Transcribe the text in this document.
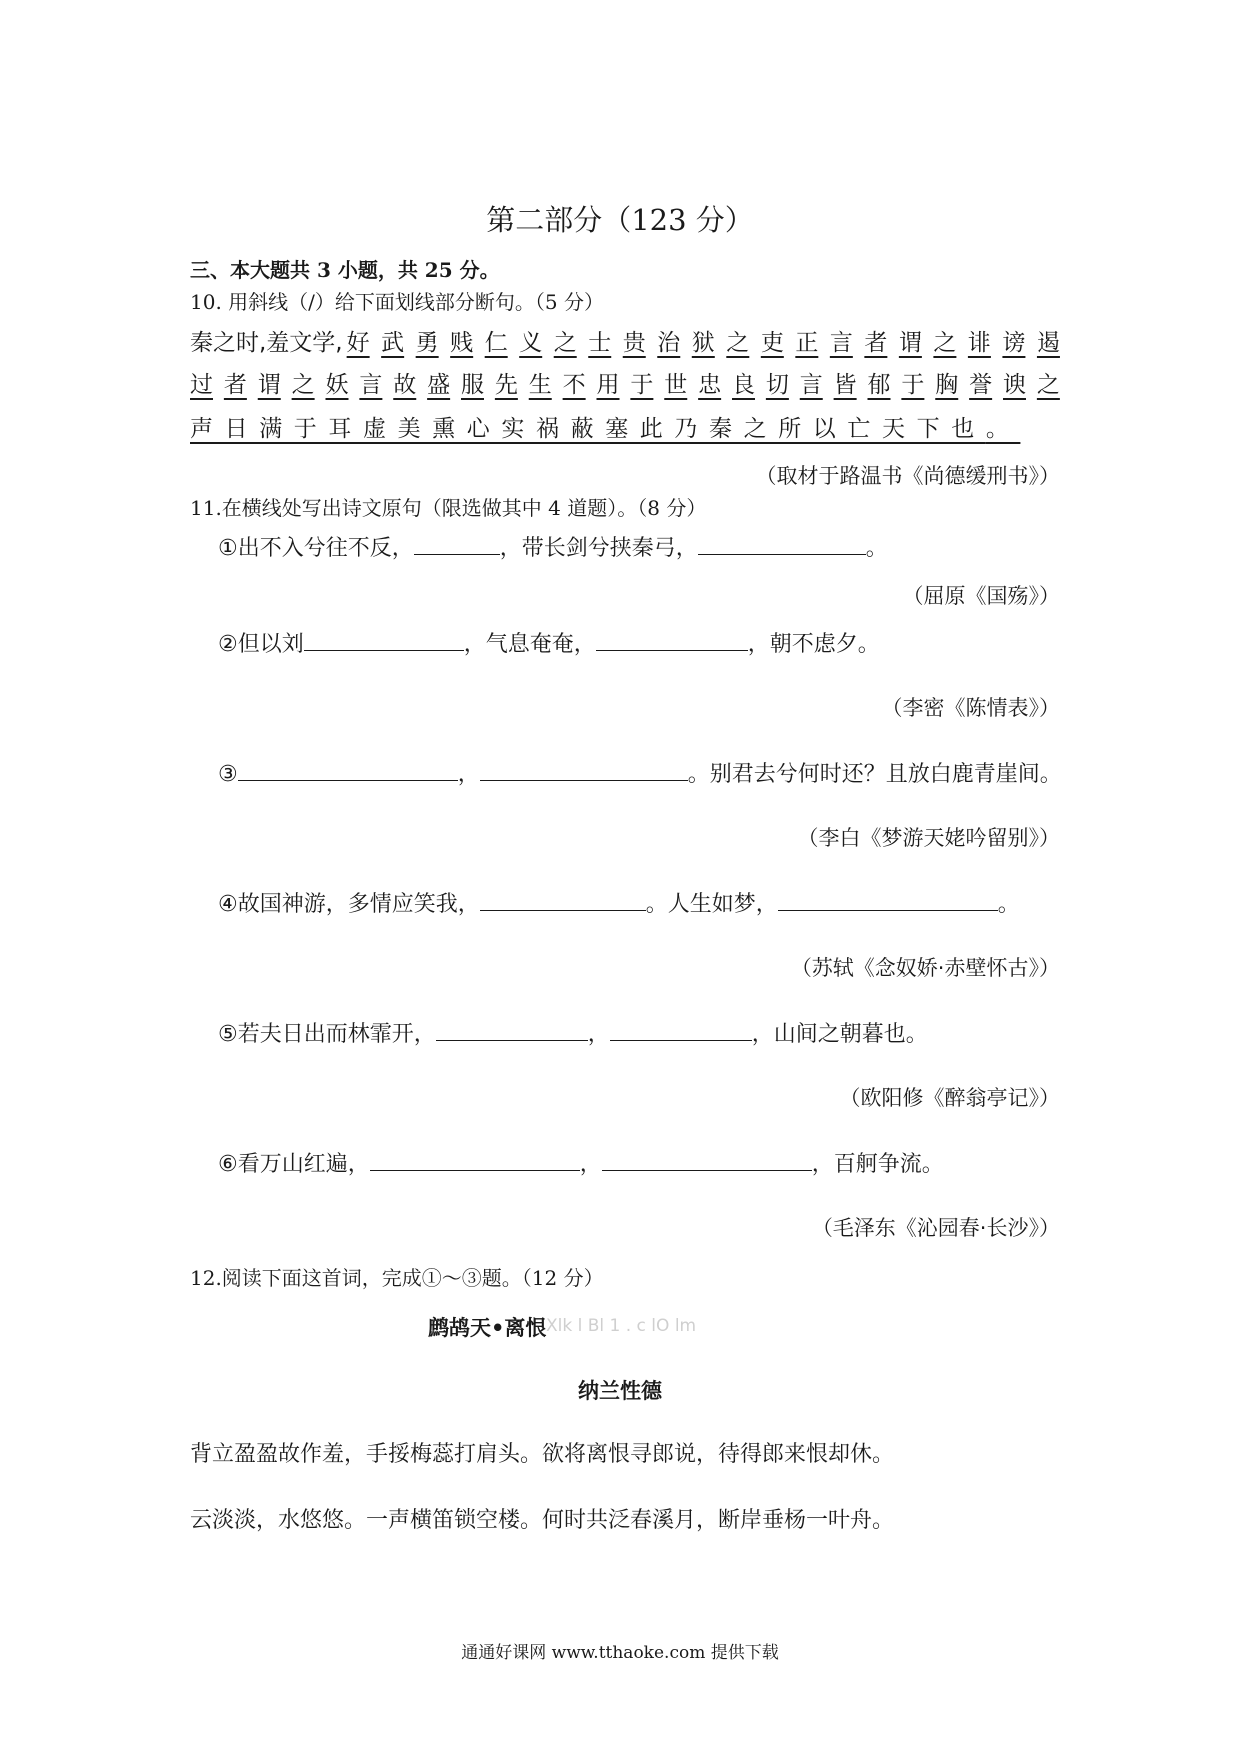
第二部分（123 分）
三、本大题共 3 小题，共 25 分。
10. 用斜线（/）给下面划线部分断句。（5 分）
秦之时,羞文学, 好 武 勇 贱 仁 义 之 士 贵 治 狱 之 吏 正 言 者 谓 之 诽 谤 遏
过 者 谓 之 妖 言 故 盛 服 先 生 不 用 于 世 忠 良 切 言 皆 郁 于 胸 誉 谀 之
声日满于耳虚美熏心实祸蔽塞此乃秦之所以亡天下也。
（取材于路温书《尚德缓刑书》）
11.在横线处写出诗文原句（限选做其中 4 道题）。（8 分）
①出不入兮往不反，	，带长剑兮挟秦弓，	。
（屈原《国殇》）
②但以刘	，气息奄奄，	，朝不虑夕。
（李密《陈情表》）
③	，	。别君去兮何时还？且放白鹿青崖间。
（李白《梦游天姥吟留别》）
④故国神游，多情应笑我，	。人生如梦，	。
（苏轼《念奴娇·赤壁怀古》）
⑤若夫日出而林霏开，	，	，山间之朝暮也。
（欧阳修《醉翁亭记》）
⑥看万山红遍，	，	，百舸争流。
（毛泽东《沁园春·长沙》）
12.阅读下面这首词，完成①～③题。（12 分）
鹧鸪天•离恨 Xlk l Bl 1 . c lO lm
纳兰性德
背立盈盈故作羞，手挼梅蕊打肩头。欲将离恨寻郎说，待得郎来恨却休。
云淡淡，水悠悠。一声横笛锁空楼。何时共泛春溪月，断岸垂杨一叶舟。
通通好课网 www.tthaoke.com 提供下载
